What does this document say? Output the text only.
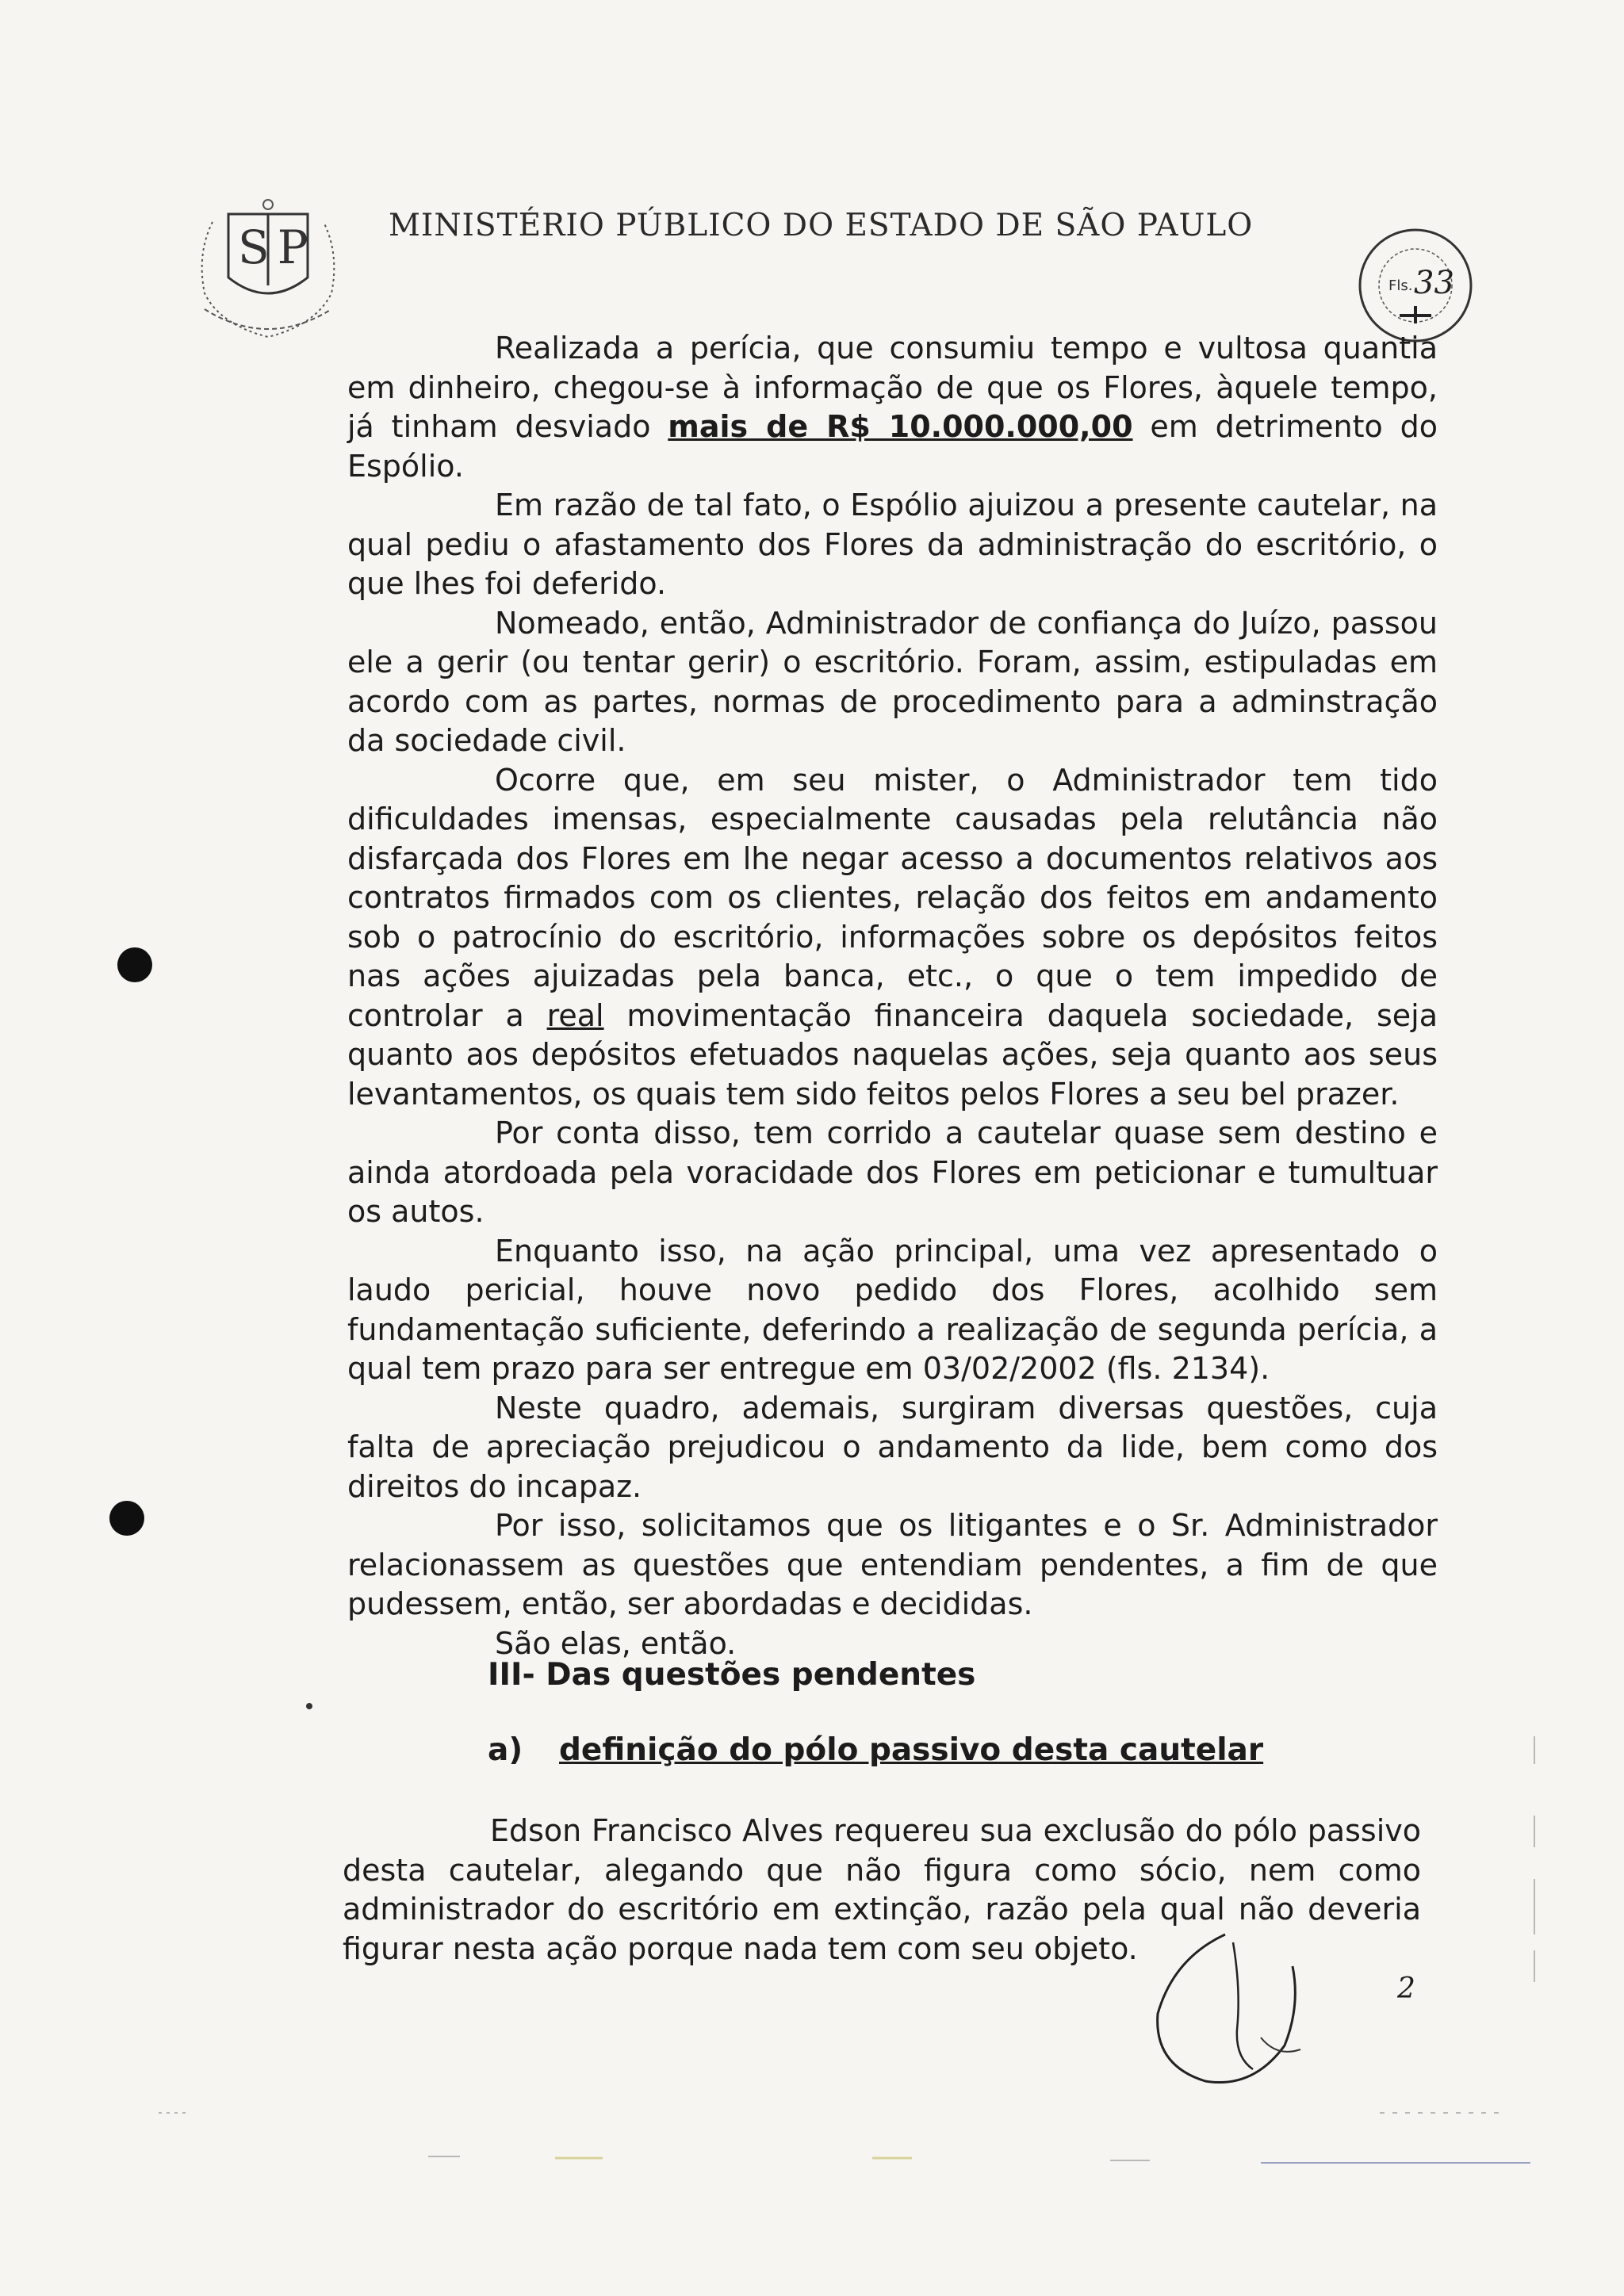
SP MINISTÉRIO PÚBLICO DO ESTADO DE SÃO PAULO
Fls. 33

Realizada a perícia, que consumiu tempo e vultosa quantia em dinheiro, chegou-se à informação de que os Flores, àquele tempo, já tinham desviado mais de R$ 10.000.000,00 em detrimento do Espólio.

Em razão de tal fato, o Espólio ajuizou a presente cautelar, na qual pediu o afastamento dos Flores da administração do escritório, o que lhes foi deferido.

Nomeado, então, Administrador de confiança do Juízo, passou ele a gerir (ou tentar gerir) o escritório. Foram, assim, estipuladas em acordo com as partes, normas de procedimento para a adminstração da sociedade civil.

Ocorre que, em seu mister, o Administrador tem tido dificuldades imensas, especialmente causadas pela relutância não disfarçada dos Flores em lhe negar acesso a documentos relativos aos contratos firmados com os clientes, relação dos feitos em andamento sob o patrocínio do escritório, informações sobre os depósitos feitos nas ações ajuizadas pela banca, etc., o que o tem impedido de controlar a real movimentação financeira daquela sociedade, seja quanto aos depósitos efetuados naquelas ações, seja quanto aos seus levantamentos, os quais tem sido feitos pelos Flores a seu bel prazer.

Por conta disso, tem corrido a cautelar quase sem destino e ainda atordoada pela voracidade dos Flores em peticionar e tumultuar os autos.

Enquanto isso, na ação principal, uma vez apresentado o laudo pericial, houve novo pedido dos Flores, acolhido sem fundamentação suficiente, deferindo a realização de segunda perícia, a qual tem prazo para ser entregue em 03/02/2002 (fls. 2134).

Neste quadro, ademais, surgiram diversas questões, cuja falta de apreciação prejudicou o andamento da lide, bem como dos direitos do incapaz.

Por isso, solicitamos que os litigantes e o Sr. Administrador relacionassem as questões que entendiam pendentes, a fim de que pudessem, então, ser abordadas e decididas.

São elas, então.

III- Das questões pendentes
a) definição do pólo passivo desta cautelar

Edson Francisco Alves requereu sua exclusão do pólo passivo desta cautelar, alegando que não figura como sócio, nem como administrador do escritório em extinção, razão pela qual não deveria figurar nesta ação porque nada tem com seu objeto.

2
